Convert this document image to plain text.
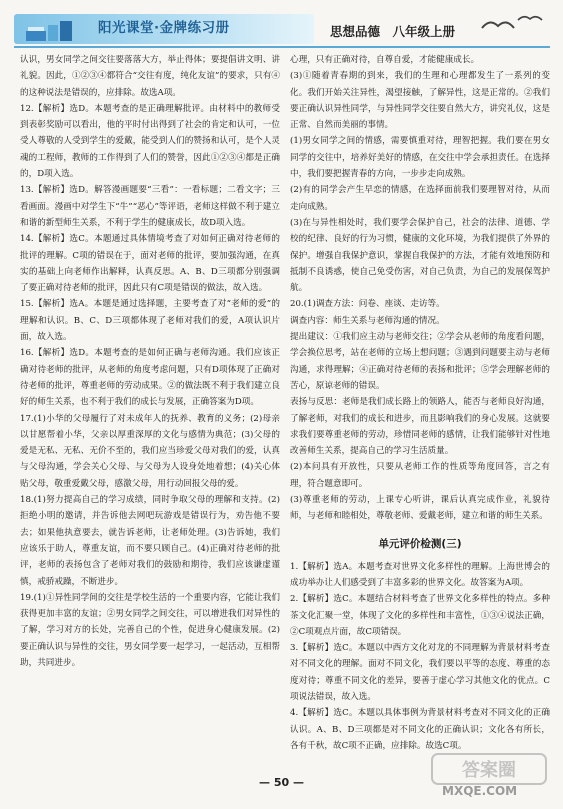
阳光课堂·金牌练习册	思想品德　八年级上册

认识，男女同学之间交往要落落大方，举止得体；要提倡讲文明、讲礼貌。因此，①②③④都符合“交往有度，纯化友谊”的要求，只有④的这种说法是错误的，应排除。故选A项。

12.【解析】选D。本题考查的是正确理解批评。由材料中的教师受到表彰奖励可以看出，他的平时付出得到了社会的肯定和认可，一位受人尊敬的人受到学生的爱戴，能受到人们的赞扬和认可，是个人灵魂的工程师，教师的工作得到了人们的赞誉，因此①②③④都是正确的，D项入选。

13.【解析】选D。解答漫画题要“三看”：一看标题；二看文字；三看画面。漫画中对学生下“牛”“恶心”等评语，老师这样做不利于建立和谐的新型师生关系，不利于学生的健康成长，故D项入选。

14.【解析】选C。本题通过具体情境考查了对如何正确对待老师的批评的理解。C项的错误在于，面对老师的批评，要加强沟通，在真实的基础上向老师作出解释，认真反思。A、B、D三项都分别强调了要正确对待老师的批评，因此只有C项是错误的做法，故入选。

15.【解析】选A。本题是通过选择题，主要考查了对“老师的爱”的理解和认识。B、C、D三项都体现了老师对我们的爱，A项认识片面，故入选。

16.【解析】选D。本题考查的是如何正确与老师沟通。我们应该正确对待老师的批评，从老师的角度考虑问题，只有D项体现了正确对待老师的批评，尊重老师的劳动成果。②的做法既不利于我们建立良好的师生关系，也不利于我们的成长与发展，正确答案为D项。

17.(1)小华的父母履行了对未成年人的抚养、教育的义务；(2)母亲以甘愿帮着小华，父亲以厚重深厚的文化与感情为典范；(3)父母的爱是无私、无私、无价不至的，我们应当珍爱父母对我们的爱，认真与父母沟通，学会关心父母、与父母为人设身处地着想；(4)关心体贴父母，敬重爱戴父母，感激父母，用行动回报父母的爱。

18.(1)努力提高自己的学习成绩，同时争取父母的理解和支持。(2)拒绝小明的邀请，并告诉他去网吧玩游戏是错误行为，劝告他不要去；如果他执意要去，就告诉老师，让老师处理。(3)告诉她，我们应该乐于助人，尊重友谊，而不要只顾自己。(4)正确对待老师的批评，老师的表扬包含了老师对我们的鼓励和期待，我们应该谦虚谨慎，戒骄戒躁，不断进步。

19.(1)①异性同学间的交往是学校生活的一个重要内容，它能让我们获得更加丰富的友谊；②男女同学之间交往，可以增进我们对异性的了解，学习对方的长处，完善自己的个性，促进身心健康发展。(2)要正确认识与异性的交往，男女同学要一起学习，一起活动，互相帮助，共同进步。

心理，只有正确对待，自尊自爱，才能健康成长。

(3)①随着青春期的到来，我们的生理和心理都发生了一系列的变化。我们开始关注异性，渴望接触，了解异性，这是正常的。②我们要正确认识异性同学，与异性同学交往要自然大方，讲究礼仪，这是正常、自然而美丽的事情。

(1)男女同学之间的情感，需要慎重对待，理智把握。我们要在男女同学的交往中，培养好美好的情感，在交往中学会承担责任。在选择中，我们要把握青春的方向，一步步走向成熟。

(2)有的同学会产生早恋的情感，在选择面前我们要理智对待，从而走向成熟。

(3)在与异性相处时，我们要学会保护自己，社会的法律、道德、学校的纪律、良好的行为习惯，健康的文化环境，为我们提供了外界的保护。增强自我保护意识，掌握自我保护的方法，才能有效地预防和抵制不良诱惑，使自己免受伤害，对自己负责，为自己的发展保驾护航。

20.(1)调查方法：问卷、座谈、走访等。

调查内容：师生关系与老师沟通的情况。

提出建议：①我们应主动与老师交往；②学会从老师的角度看问题，学会换位思考，站在老师的立场上想问题；③遇到问题要主动与老师沟通，求得理解；④正确对待老师的表扬和批评；⑤学会理解老师的苦心，原谅老师的错误。

表扬与反思：老师是我们成长路上的领路人，能否与老师良好沟通，了解老师，对我们的成长和进步，而且影响我们的身心发展。这就要求我们要尊重老师的劳动，珍惜同老师的感情，让我们能够针对性地改善师生关系，提高自己的学习生活质量。

(2)本问具有开放性，只要从老师工作的性质等角度回答，言之有理，符合题意即可。

(3)尊重老师的劳动，上课专心听讲，课后认真完成作业，礼貌待师，与老师和睦相处，尊敬老师、爱戴老师，建立和谐的师生关系。

单元评价检测(三)

1.【解析】选A。本题考查对世界文化多样性的理解。上海世博会的成功举办让人们感受到了丰富多彩的世界文化。故答案为A项。

2.【解析】选C。本题结合材料考查了世界文化多样性的特点。多种茶文化汇聚一堂，体现了文化的多样性和丰富性，①③④说法正确，②C项观点片面，故C项错误。

3.【解析】选C。本题以中西方文化对龙的不同理解为背景材料考查对不同文化的理解。面对不同文化，我们要以平等的态度、尊重的态度对待；尊重不同文化的差异，要善于虚心学习其他文化的优点。C项说法错误，故入选。

4.【解析】选C。本题以具体事例为背景材料考查对不同文化的正确认识。A、B、D三项都是对不同文化的正确认识；文化各有所长，各有千秋，故C项不正确，应排除。故选C项。

— 50 —
答案圈
MXQE.COM
